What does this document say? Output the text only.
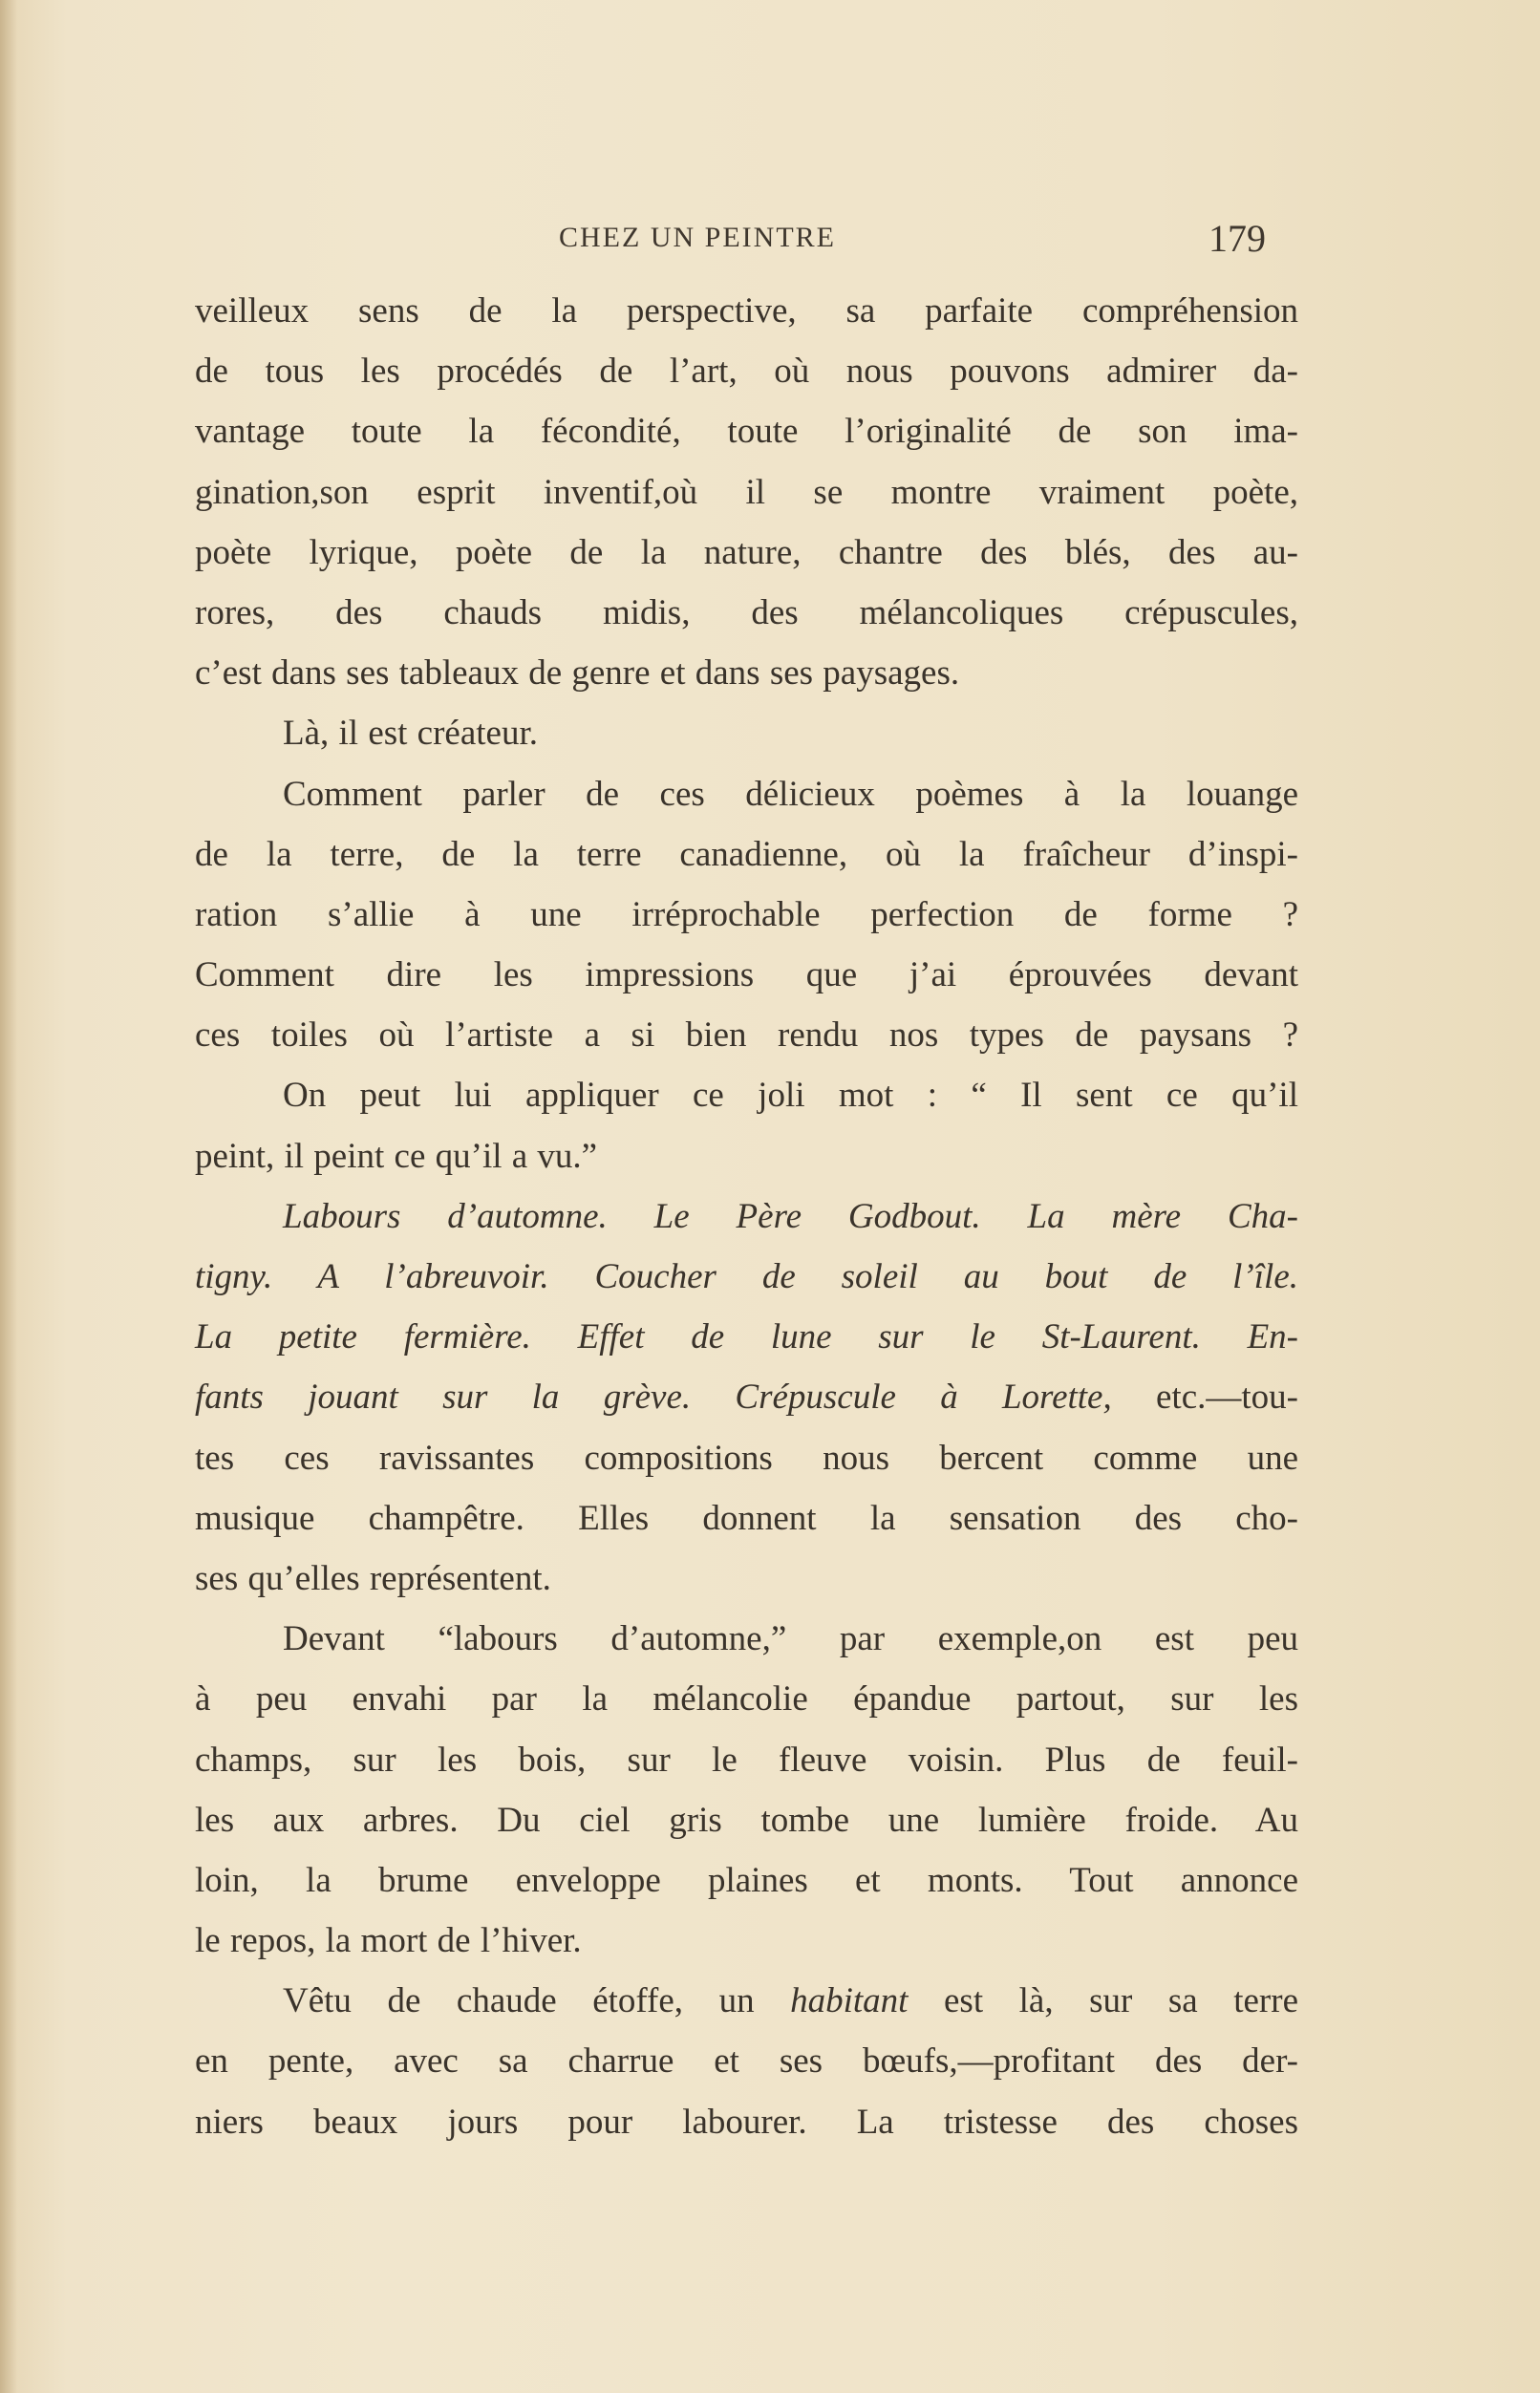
CHEZ UN PEINTRE	179
veilleux sens de la perspective, sa parfaite compréhension
de tous les procédés de l’art, où nous pouvons admirer da-
vantage toute la fécondité, toute l’originalité de son ima-
gination,son esprit inventif,où il se montre vraiment poète,
poète lyrique, poète de la nature, chantre des blés, des au-
rores, des chauds midis, des mélancoliques crépuscules,
c’est dans ses tableaux de genre et dans ses paysages.
Là, il est créateur.
Comment parler de ces délicieux poèmes à la louange
de la terre, de la terre canadienne, où la fraîcheur d’inspi-
ration s’allie à une irréprochable perfection de forme ?
Comment dire les impressions que j’ai éprouvées devant
ces toiles où l’artiste a si bien rendu nos types de paysans ?
On peut lui appliquer ce joli mot : “ Il sent ce qu’il
peint, il peint ce qu’il a vu.”
Labours d’automne. Le Père Godbout. La mère Cha-
tigny. A l’abreuvoir. Coucher de soleil au bout de l’île.
La petite fermière. Effet de lune sur le St-Laurent. En-
fants jouant sur la grève. Crépuscule à Lorette, etc.—tou-
tes ces ravissantes compositions nous bercent comme une
musique champêtre. Elles donnent la sensation des cho-
ses qu’elles représentent.
Devant “labours d’automne,” par exemple,on est peu
à peu envahi par la mélancolie épandue partout, sur les
champs, sur les bois, sur le fleuve voisin. Plus de feuil-
les aux arbres. Du ciel gris tombe une lumière froide. Au
loin, la brume enveloppe plaines et monts. Tout annonce
le repos, la mort de l’hiver.
Vêtu de chaude étoffe, un habitant est là, sur sa terre
en pente, avec sa charrue et ses bœufs,—profitant des der-
niers beaux jours pour labourer. La tristesse des choses
